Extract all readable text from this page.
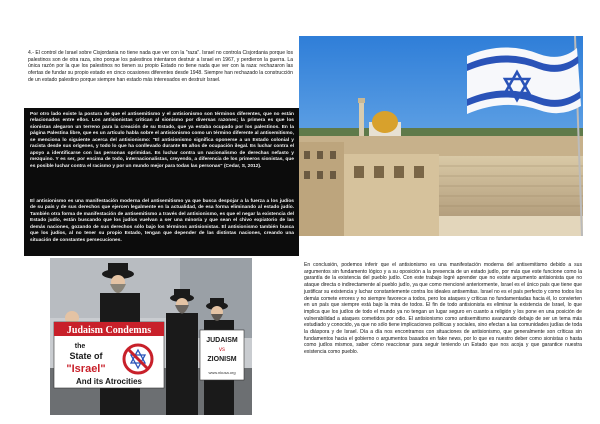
4.- El control de Israel sobre Cisjordania no tiene nada que ver con la "raza". Israel no controla Cisjordania porque los palestinos son de otra raza, sino porque los palestinos intentaron destruir a Israel en 1967, y perdieron la guerra. La única razón por la que los palestinos no tienen su propio Estado no tiene nada que ver con la raza: rechazaron las ofertas de fundar su propio estado en cinco ocasiones diferentes desde 1948. Siempre han rechazado la construcción de un estado palestino porque siempre han estado más interesados en destruir Israel.

Por otro lado existe la postura de que el antisemitismo y el antisionismo son términos diferentes, que no están relacionados entre ellos. Los antisionistas critican al sionismo por diversas razones; la primera es que los sionistas alegaron un terreno para la creación de su Estado, que ya estaba ocupado por los palestinos. En la página Palestina libre, que es un artículo habla sobre el antisionismo como un término diferente al antisemitismo, se menciona lo siguiente acerca del antisionismo: "El antisionismo significa oponerse a un Estado colonial y racista desde sus orígenes, y todo lo que ha conllevado durante 65 años de ocupación ilegal. Es luchar contra el apoyo a identificarse con las personas oprimidas. Es luchar contra un nacionalismo de derechas nefasto y mezquino. Y es ser, por encima de todo, internacionalistas, creyendo, a diferencia de los primeros sionistas, que es posible luchar contra el racismo y por un mundo mejor para todas las personas" (Cedar, S, 2012).

El antisionismo es una manifestación moderna del antisemitismo ya que busca despojar a la fuerza a los judíos de su país y de sus derechos que ejercen legalmente en la actualidad, de esa forma eliminando al estado judío. También otra forma de manifestación de antisemitismo a través del antisionismo, es que el negar la existencia del Estado judío, están buscando que los judíos vuelvan a ser una minoría y que sean el chivo expiatorio de las demás naciones, gozando de sus derechos sólo bajo los términos antisionistas. El antisionismo también busca que los judíos, al no tener su propio Estado, tengan que depender de las distintas naciones, creando una situación de constantes persecuciones.

Judaism Condemns
the
State of
"Israel"
And its Atrocities
JUDAISM
vs
ZIONISM
www.nkusa.org

En conclusión, podemos inferir que el antisionismo es una manifestación moderna del antisemitismo debido a sus argumentos sin fundamento lógico y a su oposición a la presencia de un estado judío, por más que este funcione como la garantía de la existencia del pueblo judío. Con este trabajo logré aprender que no existe argumento antisionista que no ataque directa o indirectamente al pueblo judío, ya que como mencioné anteriormente, Israel es el único país que tiene que justificar su existencia y luchar constantemente contra los ideales antisemitas. Israel no es el país perfecto y como todos los demás comete errores y no siempre favorece a todos, pero los ataques y críticas no fundamentadas hacia él, lo convierten en un país que siempre está bajo la mira de todos. El fin de todo antisionista es eliminar la existencia de Israel, lo que implica que los judíos de todo el mundo ya no tengan un lugar seguro en cuanto a religión y los pone en una posición de vulnerabilidad a ataques cometidos por odio. El antisionismo como antisemitismo avanzando debajo de ser un tema más estudiado y conocido, ya que no sólo tiene implicaciones políticas y sociales, sino efectan a las comunidades judías de toda la diáspora y de Israel. Día a día nos encontramos con situaciones de antisionismo, que generalmente son críticas sin fundamentos hacia el gobierno o argumentos basados en fake news, por lo que es nuestro deber como sionistas o hasta como judíos mismos, saber cómo reaccionar para seguir teniendo un Estado que nos acoja y que garantice nuestra existencia como pueblo.
